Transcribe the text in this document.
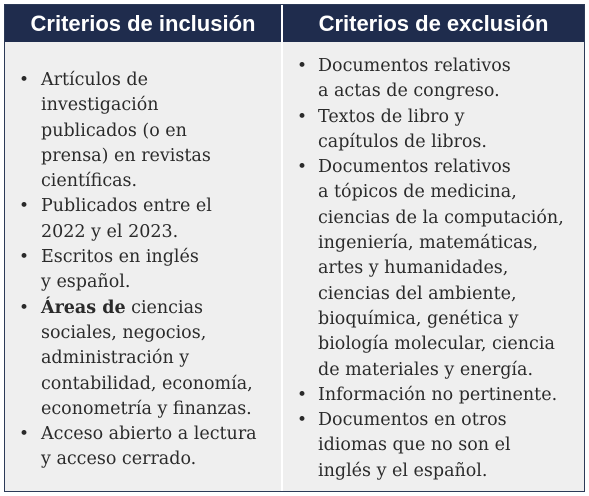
Criterios de inclusión	Criterios de exclusión
• Artículos de
investigación
publicados (o en
prensa) en revistas
científicas.
• Publicados entre el
2022 y el 2023.
• Escritos en inglés
y español.
• Áreas de ciencias
sociales, negocios,
administración y
contabilidad, economía,
econometría y finanzas.
• Acceso abierto a lectura
y acceso cerrado.
• Documentos relativos
a actas de congreso.
• Textos de libro y
capítulos de libros.
• Documentos relativos
a tópicos de medicina,
ciencias de la computación,
ingeniería, matemáticas,
artes y humanidades,
ciencias del ambiente,
bioquímica, genética y
biología molecular, ciencia
de materiales y energía.
• Información no pertinente.
• Documentos en otros
idiomas que no son el
inglés y el español.
